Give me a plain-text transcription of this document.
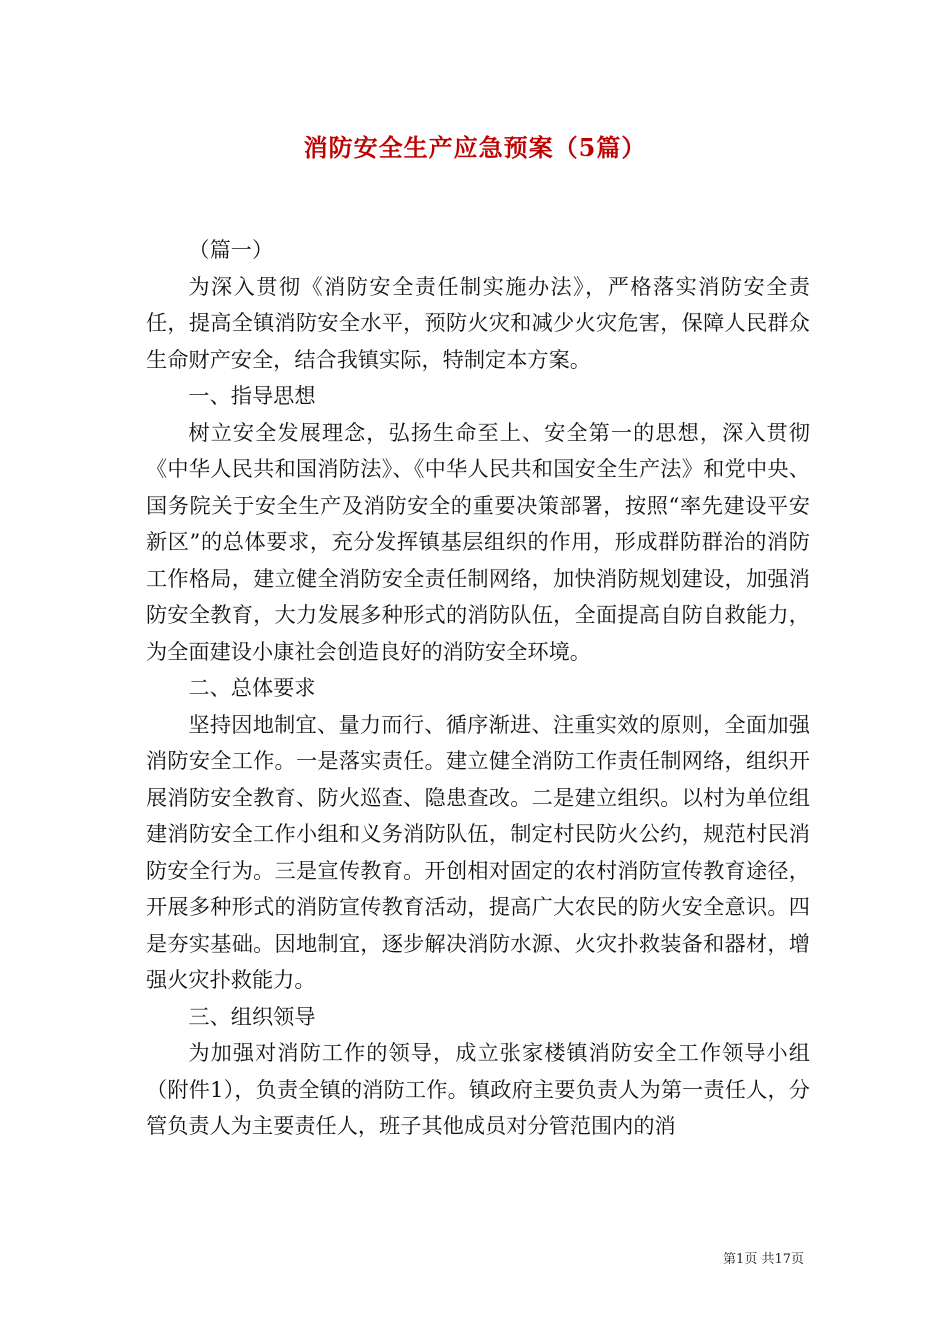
消防安全生产应急预案（5篇）

（篇一）

为深入贯彻《消防安全责任制实施办法》，严格落实消防安全责任，提高全镇消防安全水平，预防火灾和减少火灾危害，保障人民群众生命财产安全，结合我镇实际，特制定本方案。

一、指导思想

树立安全发展理念，弘扬生命至上、安全第一的思想，深入贯彻《中华人民共和国消防法》、《中华人民共和国安全生产法》和党中央、国务院关于安全生产及消防安全的重要决策部署，按照“率先建设平安新区”的总体要求，充分发挥镇基层组织的作用，形成群防群治的消防工作格局，建立健全消防安全责任制网络，加快消防规划建设，加强消防安全教育，大力发展多种形式的消防队伍，全面提高自防自救能力，为全面建设小康社会创造良好的消防安全环境。

二、总体要求

坚持因地制宜、量力而行、循序渐进、注重实效的原则，全面加强消防安全工作。一是落实责任。建立健全消防工作责任制网络，组织开展消防安全教育、防火巡查、隐患查改。二是建立组织。以村为单位组建消防安全工作小组和义务消防队伍，制定村民防火公约，规范村民消防安全行为。三是宣传教育。开创相对固定的农村消防宣传教育途径，开展多种形式的消防宣传教育活动，提高广大农民的防火安全意识。四是夯实基础。因地制宜，逐步解决消防水源、火灾扑救装备和器材，增强火灾扑救能力。

三、组织领导

为加强对消防工作的领导，成立张家楼镇消防安全工作领导小组（附件1），负责全镇的消防工作。镇政府主要负责人为第一责任人，分管负责人为主要责任人，班子其他成员对分管范围内的消

第1页 共17页
